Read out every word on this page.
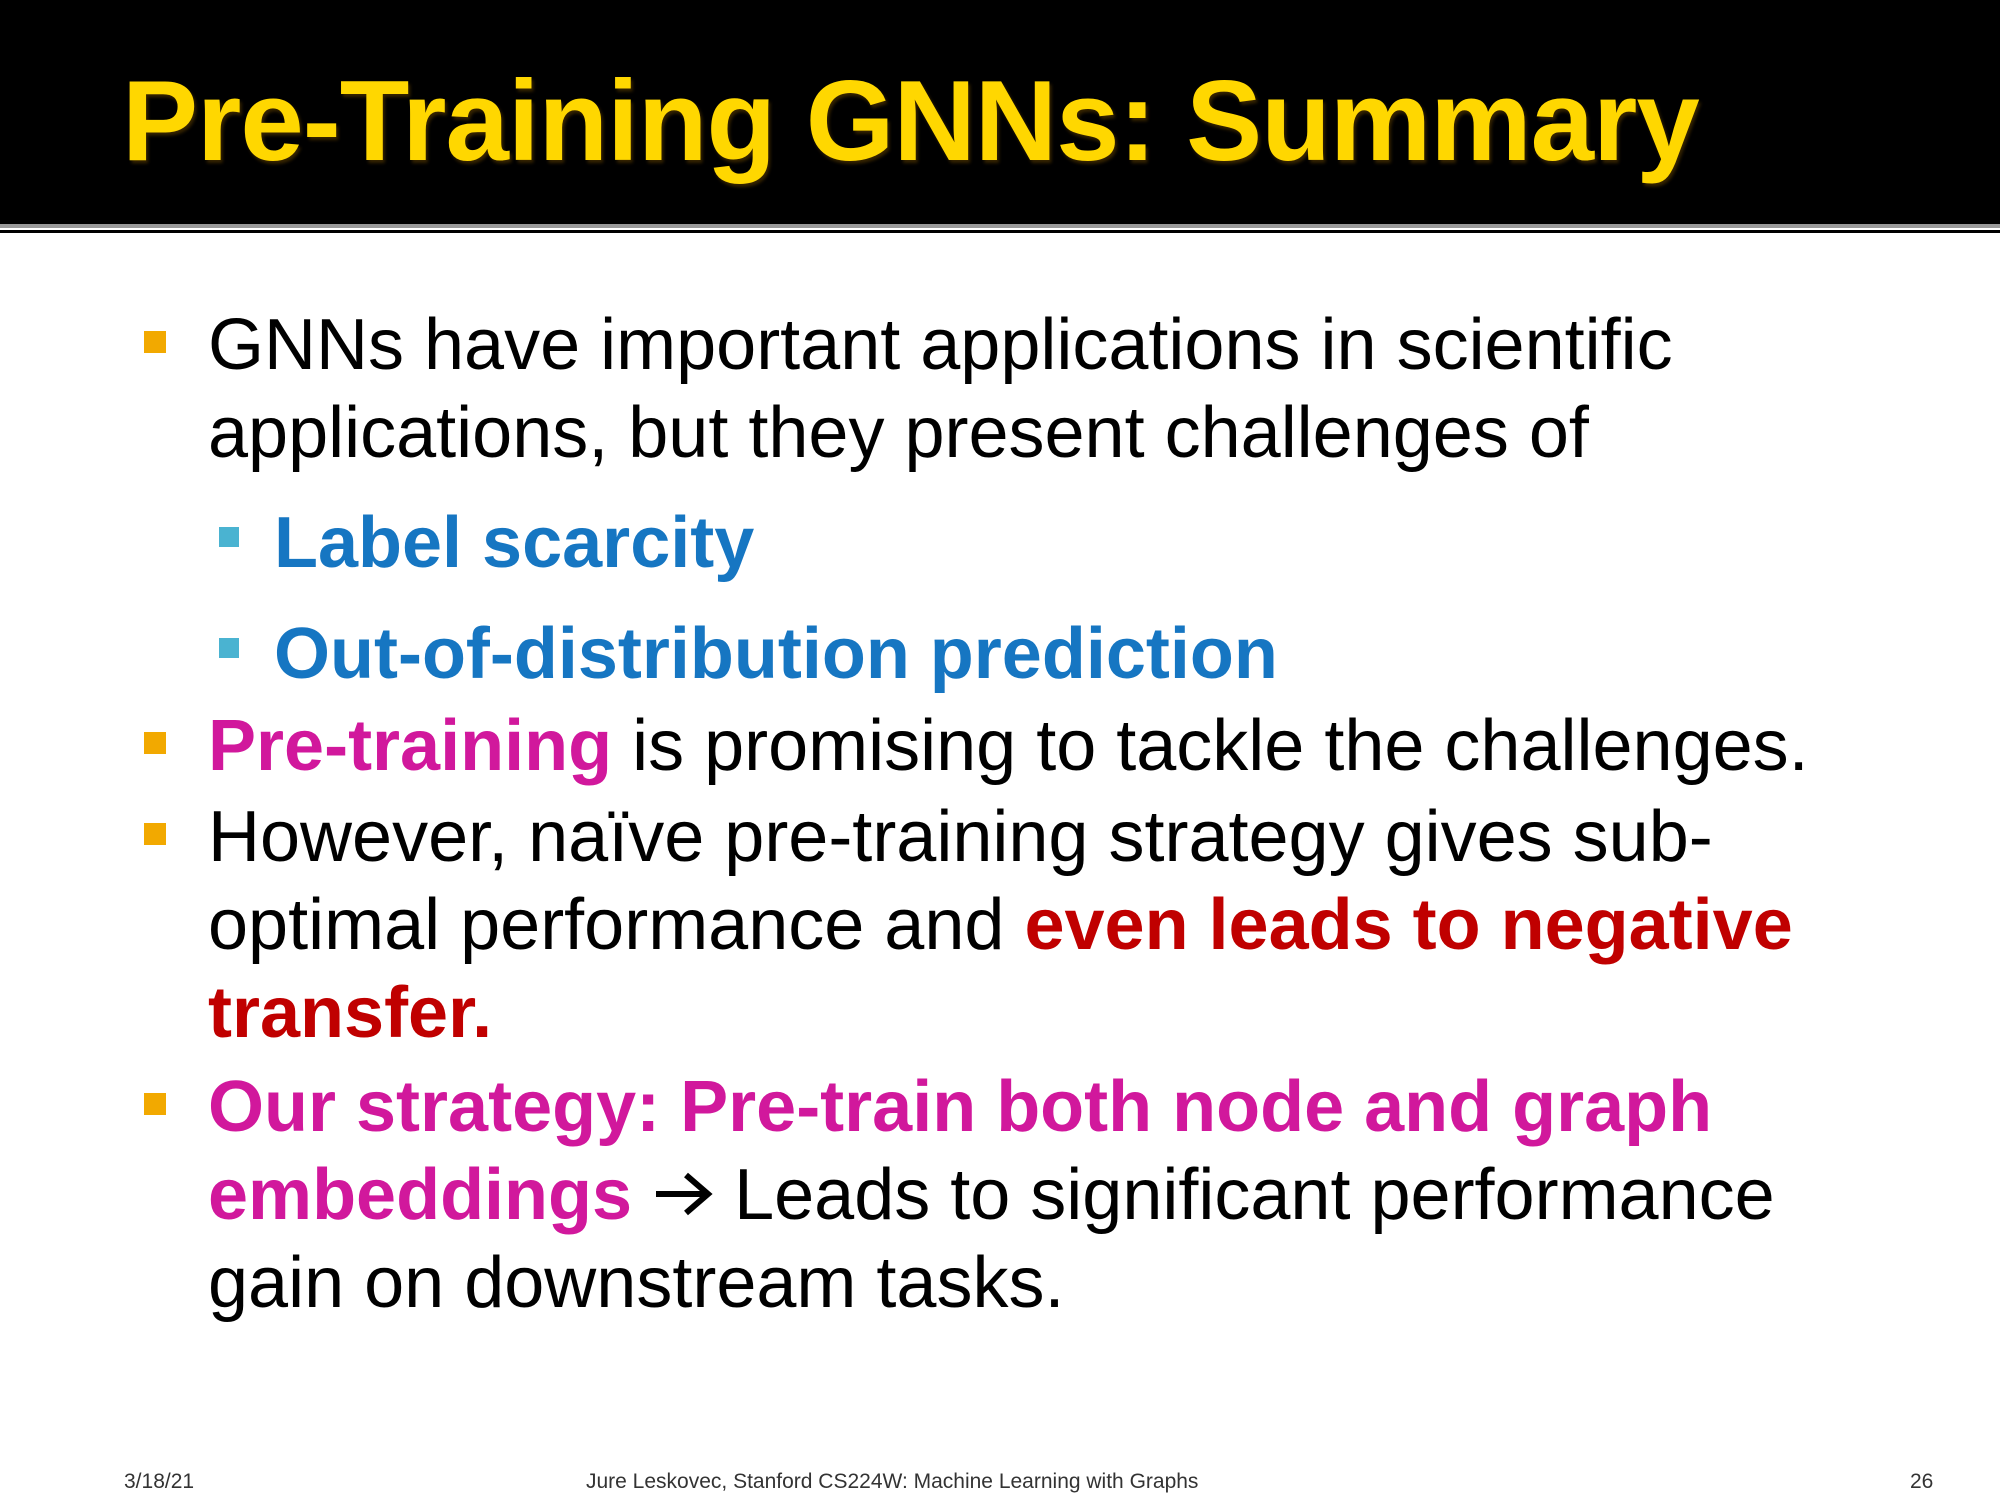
Pre-Training GNNs: Summary
GNNs have important applications in scientific
applications, but they present challenges of
Label scarcity
Out-of-distribution prediction
Pre-training is promising to tackle the challenges.
However, naïve pre-training strategy gives sub-
optimal performance and even leads to negative
transfer.
Our strategy: Pre-train both node and graph
embeddings  Leads to significant performance
gain on downstream tasks.
3/18/21	Jure Leskovec, Stanford CS224W: Machine Learning with Graphs	26
